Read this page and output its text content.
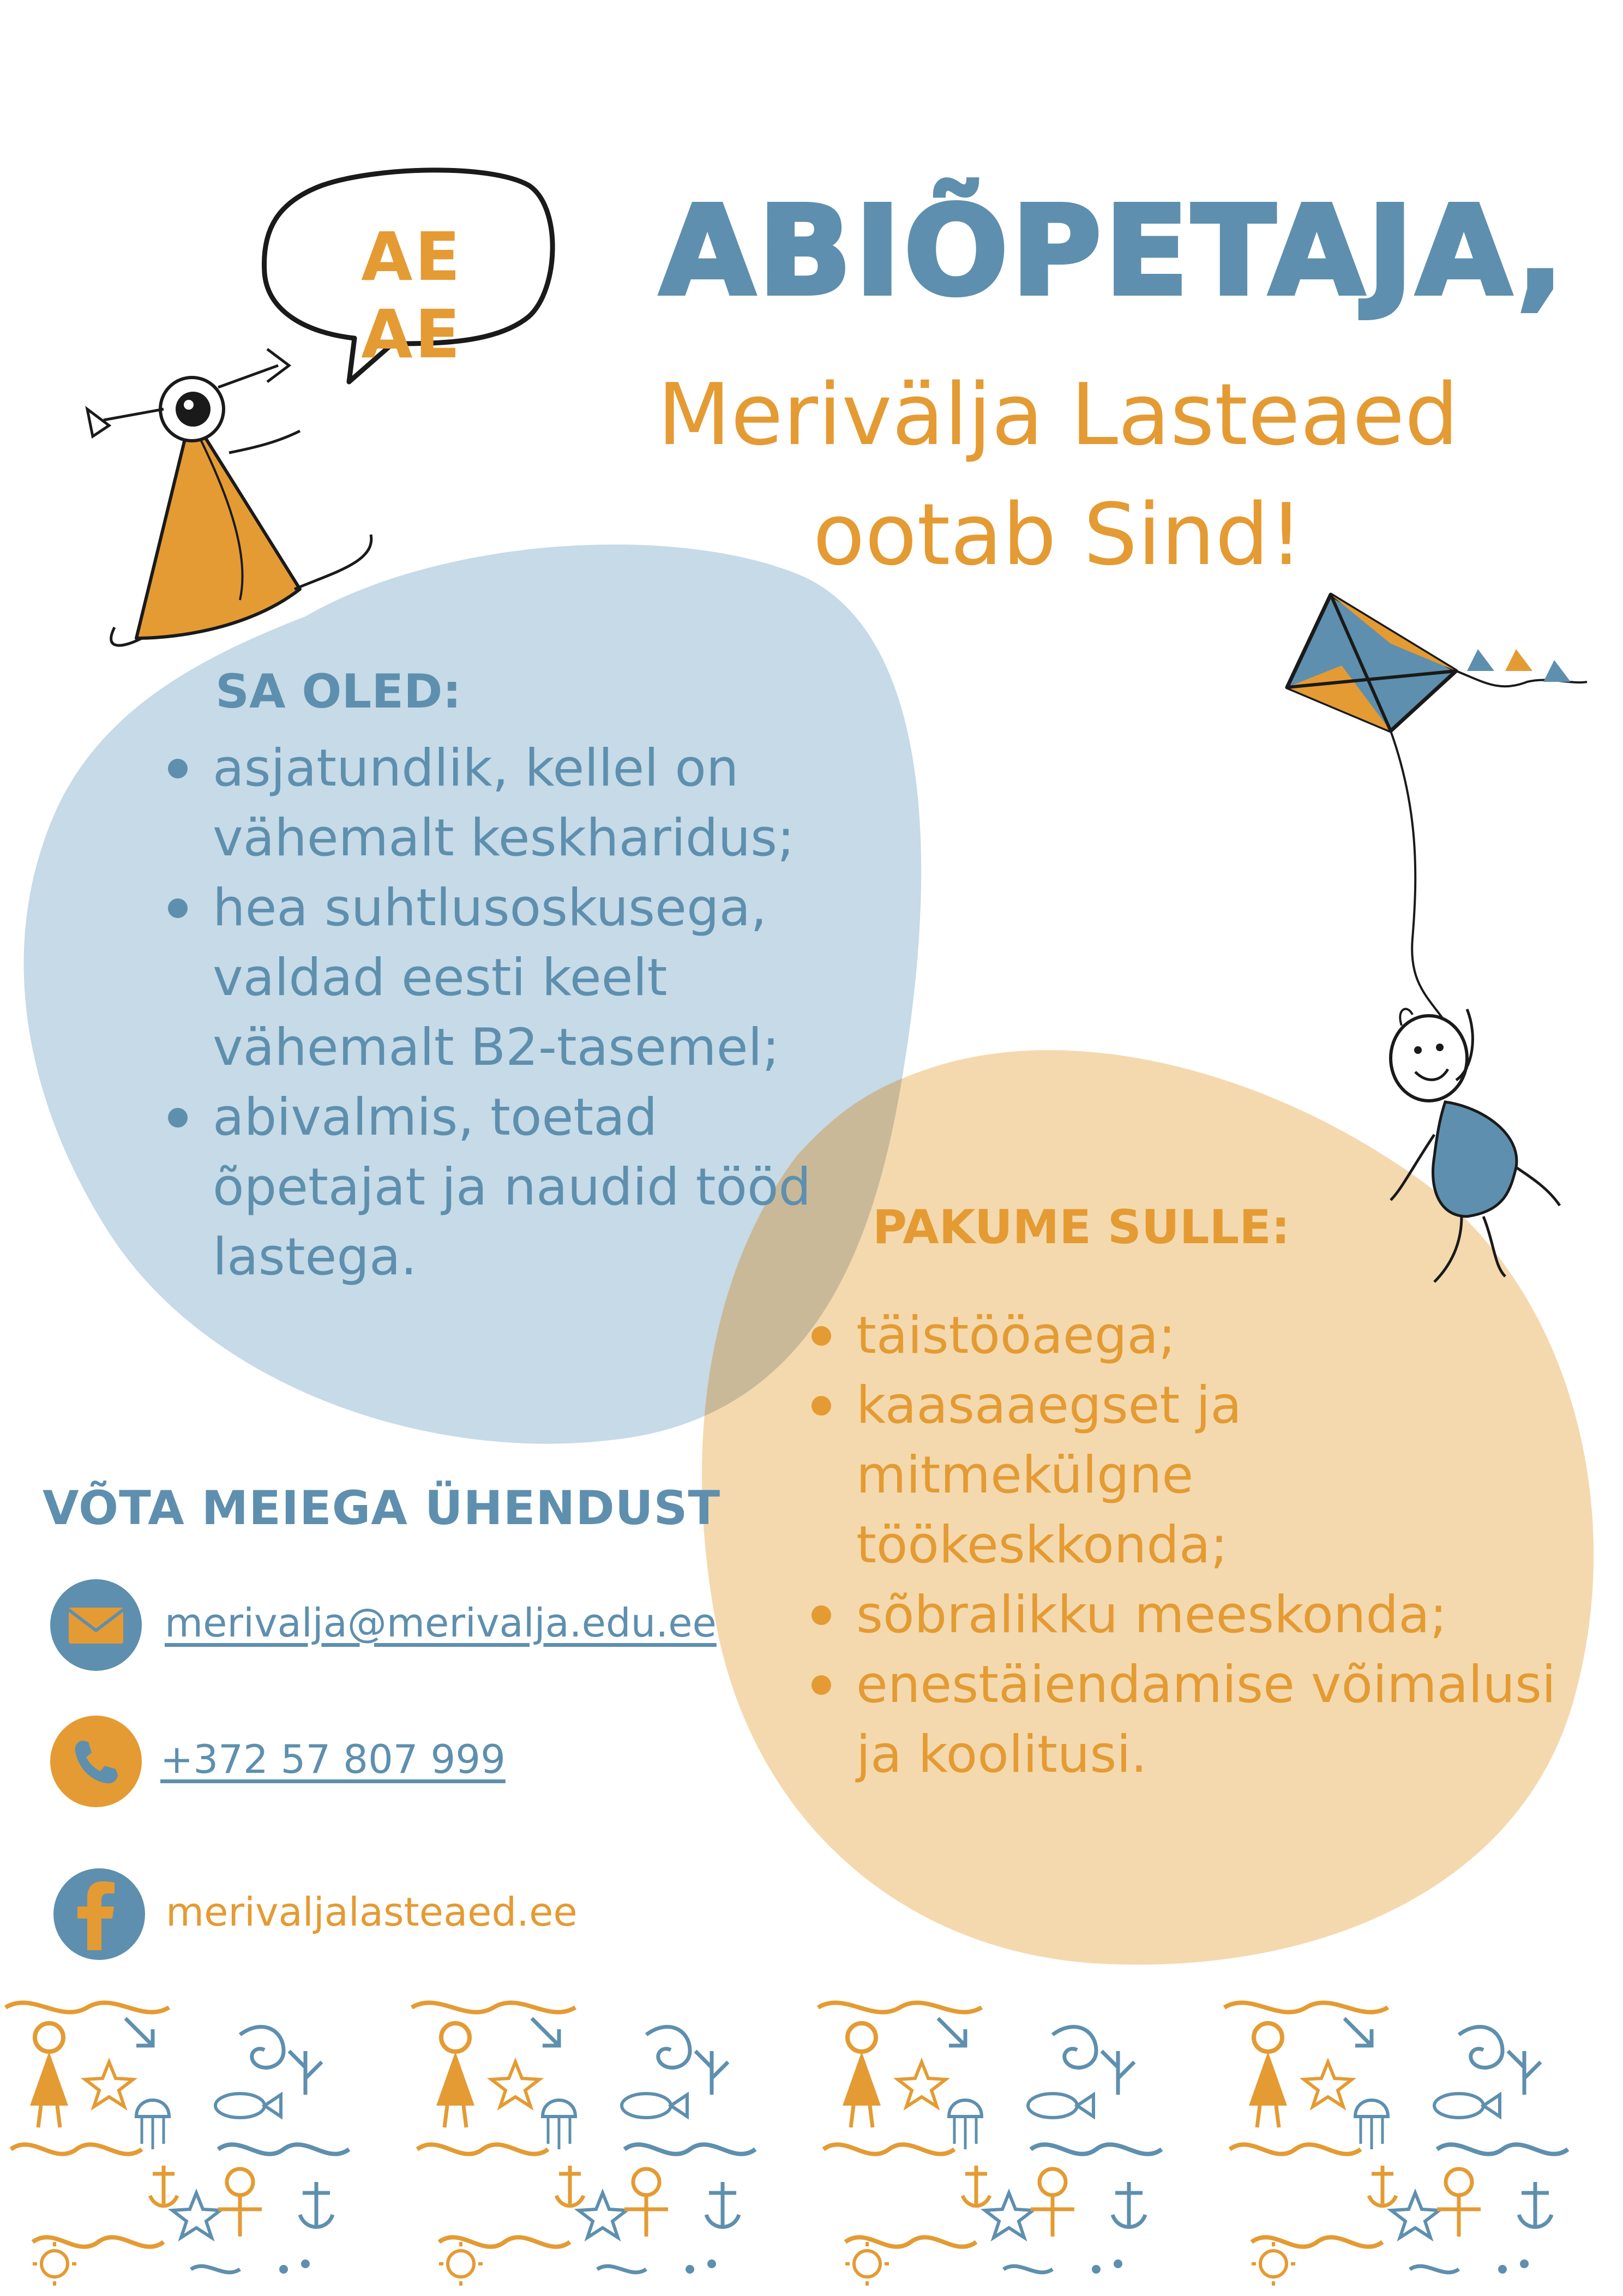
AE AE
ABIÕPETAJA,
Merivälja Lasteaed
ootab Sind!
SA OLED:
asjatundlik, kellel on
vähemalt keskharidus;
hea suhtlusoskusega,
valdad eesti keelt
vähemalt B2-tasemel;
abivalmis, toetad
õpetajat ja naudid tööd
lastega.	PAKUME SULLE:
täistööaega;
kaasaaegset ja mitmekülgne
töökeskkonda;
sõbralikku meeskonda;
enestäiendamise võimalusi
ja koolitusi.
VÕTA MEIEGA ÜHENDUST
merivalja@merivalja.edu.ee
+372 57 807 999
merivaljalasteaed.ee
